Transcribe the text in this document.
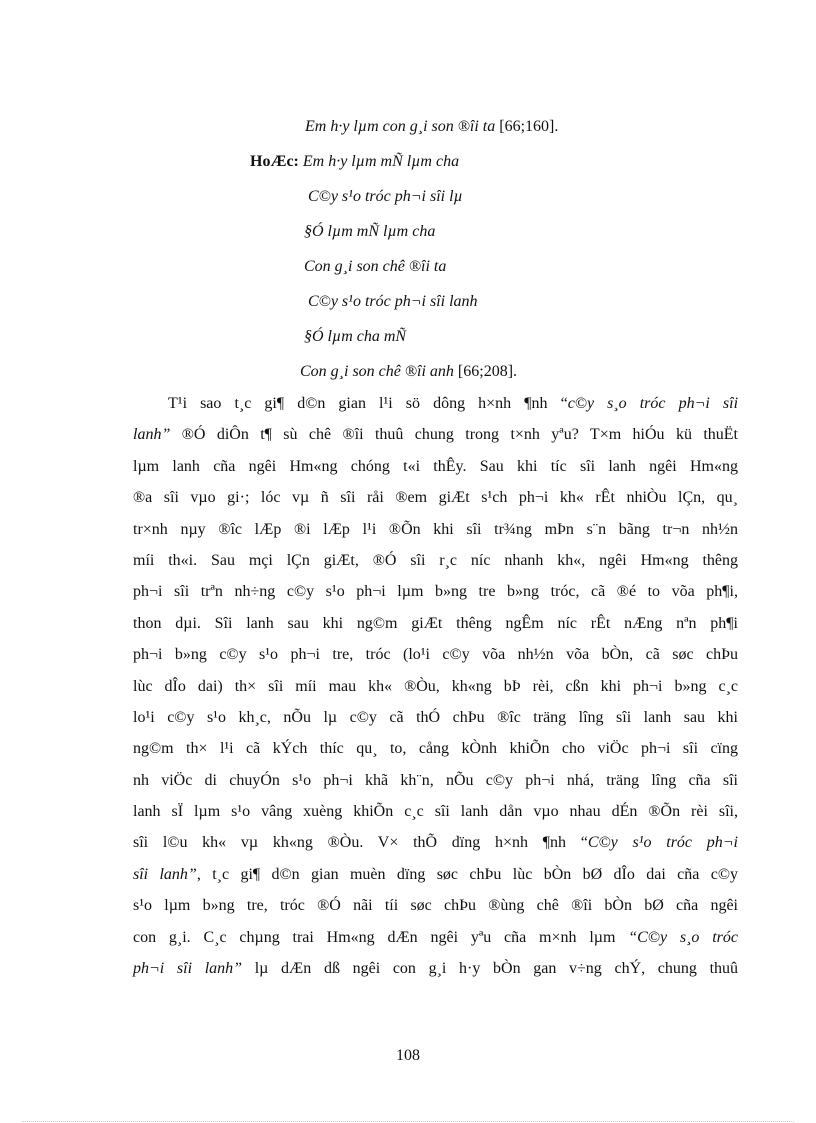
Em h·y lµm con g¸i son ®îi ta [66;160].
HoÆc: Em h·y lµm mÑ lµm cha
C©y s¹o tróc ph¬i sîi lµ
§Ó lµm mÑ lµm cha
Con g¸i son chê ®îi ta
C©y s¹o tróc ph¬i sîi lanh
§Ó lµm cha mÑ
Con g¸i son chê ®îi anh [66;208].
T¹i sao t¸c gi¶ d©n gian l¹i sö dông h×nh ¶nh “c©y s¸o tróc ph¬i sîi
lanh” ®Ó diÔn t¶ sù chê ®îi thuû chung trong t×nh yªu? T×m hiÓu kü thuËt
lµm lanh cña ngêi Hm«ng chóng t«i thÊy. Sau khi tíc sîi lanh ngêi Hm«ng
®a sîi vµo gi·; lóc vµ ñ sîi råi ®em giÆt s¹ch ph¬i kh« rÊt nhiÒu lÇn, qu¸
tr×nh nµy ®îc lÆp ®i lÆp l¹i ®Õn khi sîi tr¾ng mÞn s¨n bãng tr¬n nh½n
míi th«i. Sau mçi lÇn giÆt, ®Ó sîi r¸c níc nhanh kh«, ngêi Hm«ng thêng
ph¬i sîi trªn nh÷ng c©y s¹o ph¬i lµm b»ng tre b»ng tróc, cã ®é to võa ph¶i,
thon dµi. Sîi lanh sau khi ng©m giÆt thêng ngÊm níc rÊt nÆng nªn ph¶i
ph¬i b»ng c©y s¹o ph¬i tre, tróc (lo¹i c©y võa nh½n võa bÒn, cã søc chÞu
lùc dÎo dai) th× sîi míi mau kh« ®Òu, kh«ng bÞ rèi, cßn khi ph¬i b»ng c¸c
lo¹i c©y s¹o kh¸c, nÕu lµ c©y cã thÓ chÞu ®îc träng lîng sîi lanh sau khi
ng©m th× l¹i cã kÝch thíc qu¸ to, cång kÒnh khiÕn cho viÖc ph¬i sîi cïng
nh viÖc di chuyÓn s¹o ph¬i khã kh¨n, nÕu c©y ph¬i nhá, träng lîng cña sîi
lanh sÏ lµm s¹o vâng xuèng khiÕn c¸c sîi lanh dån vµo nhau dÉn ®Õn rèi sîi,
sîi l©u kh« vµ kh«ng ®Òu. V× thÕ dïng h×nh ¶nh “C©y s¹o tróc ph¬i
sîi lanh”, t¸c gi¶ d©n gian muèn dïng søc chÞu lùc bÒn bØ dÎo dai cña c©y
s¹o lµm b»ng tre, tróc ®Ó nãi tíi søc chÞu ®ùng chê ®îi bÒn bØ cña ngêi
con g¸i. C¸c chµng trai Hm«ng dÆn ngêi yªu cña m×nh lµm “C©y s¸o tróc
ph¬i sîi lanh” lµ dÆn dß ngêi con g¸i h·y bÒn gan v÷ng chÝ, chung thuû
108
